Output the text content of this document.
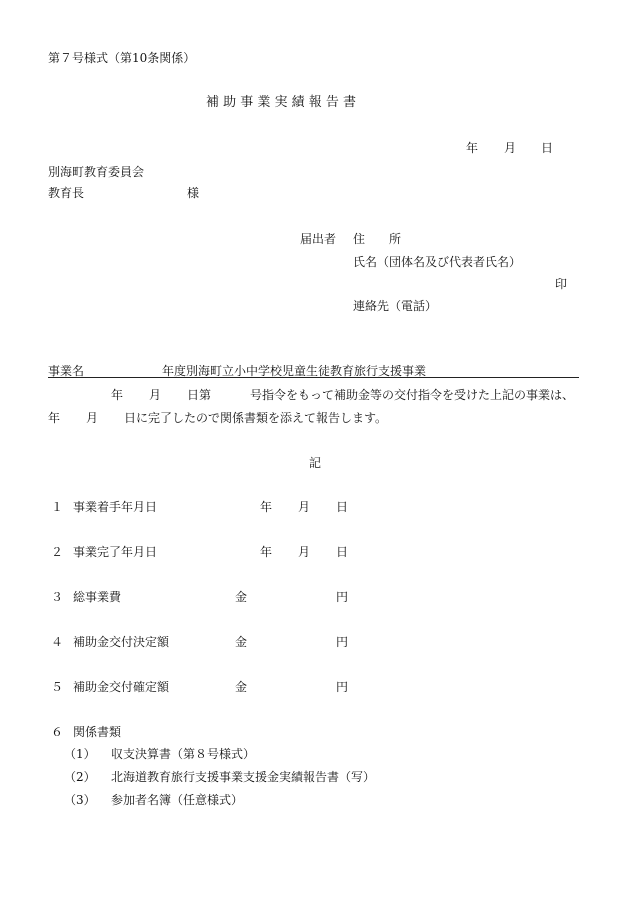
第７号様式（第10条関係）
補 助 事 業 実 績 報 告 書
年 月 日
別海町教育委員会
教育長	様
届出者 住　　所
氏名（団体名及び代表者氏名）
印
連絡先（電話）
事業名	年度別海町立小中学校児童生徒教育旅行支援事業
年 月 日第	号指令をもって補助金等の交付指令を受けた上記の事業は、
年 月 日に完了したので関係書類を添えて報告します。
記
１ 事業着手年月日	年 月 日
２ 事業完了年月日	年 月 日
３ 総事業費	金	円
４ 補助金交付決定額	金	円
５ 補助金交付確定額	金	円
６ 関係書類
（1） 収支決算書（第８号様式）
（2） 北海道教育旅行支援事業支援金実績報告書（写）
（3） 参加者名簿（任意様式）
